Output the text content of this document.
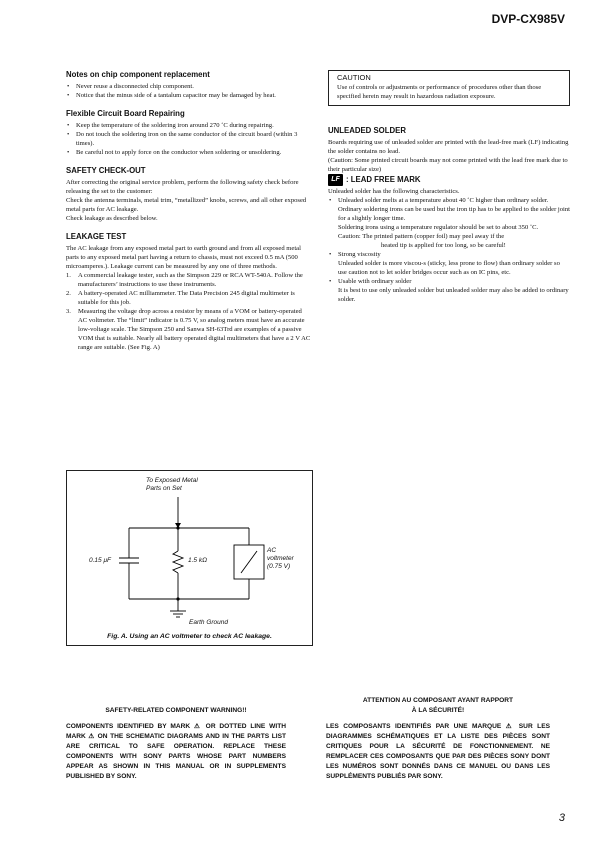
DVP-CX985V
Notes on chip component replacement
• Never reuse a disconnected chip component.
• Notice that the minus side of a tantalum capacitor may be damaged by heat.
Flexible Circuit Board Repairing
• Keep the temperature of the soldering iron around 270 ˚C during repairing.
• Do not touch the soldering iron on the same conductor of the circuit board (within 3 times).
• Be careful not to apply force on the conductor when soldering or unsoldering.
SAFETY CHECK-OUT

After correcting the original service problem, perform the following safety check before releasing the set to the customer:

Check the antenna terminals, metal trim, “metallized” knobs, screws, and all other exposed metal parts for AC leakage.

Check leakage as described below.

LEAKAGE TEST

The AC leakage from any exposed metal part to earth ground and from all exposed metal parts to any exposed metal part having a return to chassis, must not exceed 0.5 mA (500 microamperes.). Leakage current can be measured by any one of three methods.

1. A commercial leakage tester, such as the Simpson 229 or RCA WT-540A. Follow the manufacturers’ instructions to use these instruments.
2. A battery-operated AC milliammeter. The Data Precision 245 digital multimeter is suitable for this job.
3. Measuring the voltage drop across a resistor by means of a VOM or battery-operated AC voltmeter. The “limit” indicator is 0.75 V, so analog meters must have an accurate low-voltage scale. The Simpson 250 and Sanwa SH-63Trd are examples of a passive VOM that is suitable. Nearly all battery operated digital multimeters that have a 2 V AC range are suitable. (See Fig. A)
To Exposed Metal
Parts on Set
0.15 μF	1.5 kΩ
AC
voltmeter
(0.75 V)
Earth Ground
Fig. A. Using an AC voltmeter to check AC leakage.
CAUTION

Use of controls or adjustments or performance of procedures other than those specified herein may result in hazardous radiation exposure.

UNLEADED SOLDER

Boards requiring use of unleaded solder are printed with the lead-free mark (LF) indicating the solder contains no lead.

(Caution: Some printed circuit boards may not come printed with the lead free mark due to their particular size)

LF : LEAD FREE MARK

Unleaded solder has the following characteristics.

• Unleaded solder melts at a temperature about 40 ˚C higher than ordinary solder.

Ordinary soldering irons can be used but the iron tip has to be applied to the solder joint for a slightly longer time.

Soldering irons using a temperature regulator should be set to about 350 ˚C.

Caution: The printed pattern (copper foil) may peel away if the

heated tip is applied for too long, so be careful!

• Strong viscosity

Unleaded solder is more viscou-s (sticky, less prone to flow) than ordinary solder so use caution not to let solder bridges occur such as on IC pins, etc.

• Usable with ordinary solder

It is best to use only unleaded solder but unleaded solder may also be added to ordinary solder.

SAFETY-RELATED COMPONENT WARNING!!
COMPONENTS IDENTIFIED BY MARK ⚠ OR DOTTED LINE WITH MARK ⚠ ON THE SCHEMATIC DIAGRAMS AND IN THE PARTS LIST ARE CRITICAL TO SAFE OPERATION. REPLACE THESE COMPONENTS WITH SONY PARTS WHOSE PART NUMBERS APPEAR AS SHOWN IN THIS MANUAL OR IN SUPPLEMENTS PUBLISHED BY SONY.
ATTENTION AU COMPOSANT AYANT RAPPORT
À LA SÉCURITÉ!
LES COMPOSANTS IDENTIFIÉS PAR UNE MARQUE ⚠ SUR LES DIAGRAMMES SCHÉMATIQUES ET LA LISTE DES PIÈCES SONT CRITIQUES POUR LA SÉCURITÉ DE FONCTIONNEMENT. NE REMPLACER CES COMPOSANTS QUE PAR DES PIÈCES SONY DONT LES NUMÉROS SONT DONNÉS DANS CE MANUEL OU DANS LES SUPPLÉMENTS PUBLIÉS PAR SONY.
3
